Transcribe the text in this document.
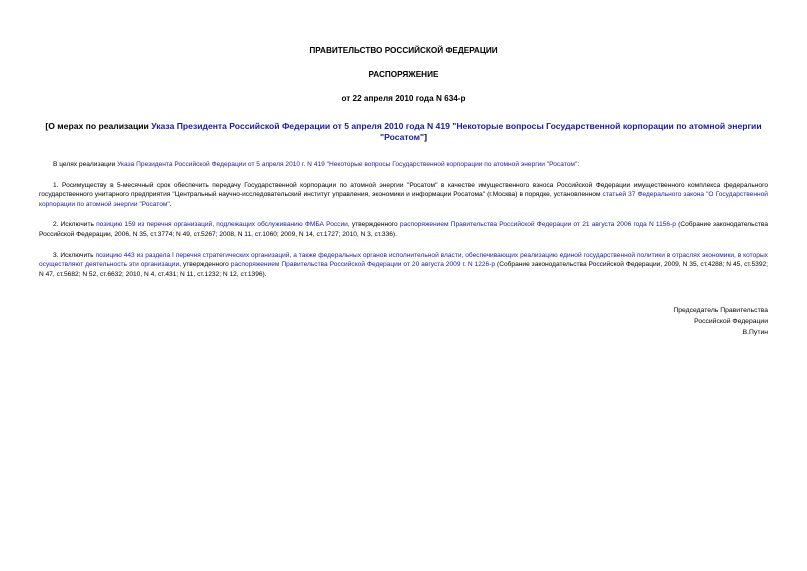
ПРАВИТЕЛЬСТВО РОССИЙСКОЙ ФЕДЕРАЦИИ
РАСПОРЯЖЕНИЕ
от 22 апреля 2010 года N 634-р
[О мерах по реализации Указа Президента Российской Федерации от 5 апреля 2010 года N 419 "Некоторые вопросы Государственной корпорации по атомной энергии "Росатом"]

В целях реализации Указа Президента Российской Федерации от 5 апреля 2010 г. N 419 "Некоторые вопросы Государственной корпорации по атомной энергии "Росатом":

1. Росимуществу в 5-месячный срок обеспечить передачу Государственной корпорации по атомной энергии "Росатом" в качестве имущественного взноса Российской Федерации имущественного комплекса федерального государственного унитарного предприятия "Центральный научно-исследовательский институт управления, экономики и информации Росатома" (г.Москва) в порядке, установленном статьей 37 Федерального закона "О Государственной корпорации по атомной энергии "Росатом".

2. Исключить позицию 159 из перечня организаций, подлежащих обслуживанию ФМБА России, утвержденного распоряжением Правительства Российской Федерации от 21 августа 2006 года N 1156-р (Собрание законодательства Российской Федерации, 2006, N 35, ст.3774; N 49, ст.5267; 2008, N 11, ст.1060; 2009, N 14, ст.1727; 2010, N 3, ст.336).

3. Исключить позицию 443 из раздела I перечня стратегических организаций, а также федеральных органов исполнительной власти, обеспечивающих реализацию единой государственной политики в отраслях экономики, в которых осуществляют деятельность эти организации, утвержденного распоряжением Правительства Российской Федерации от 20 августа 2009 г. N 1226-р (Собрание законодательства Российской Федерации, 2009, N 35, ст.4288; N 45, ст.5392; N 47, ст.5682; N 52, ст.6632; 2010, N 4, ст.431; N 11, ст.1232; N 12, ст.1396).

Председатель Правительства
Российской Федерации
В.Путин
